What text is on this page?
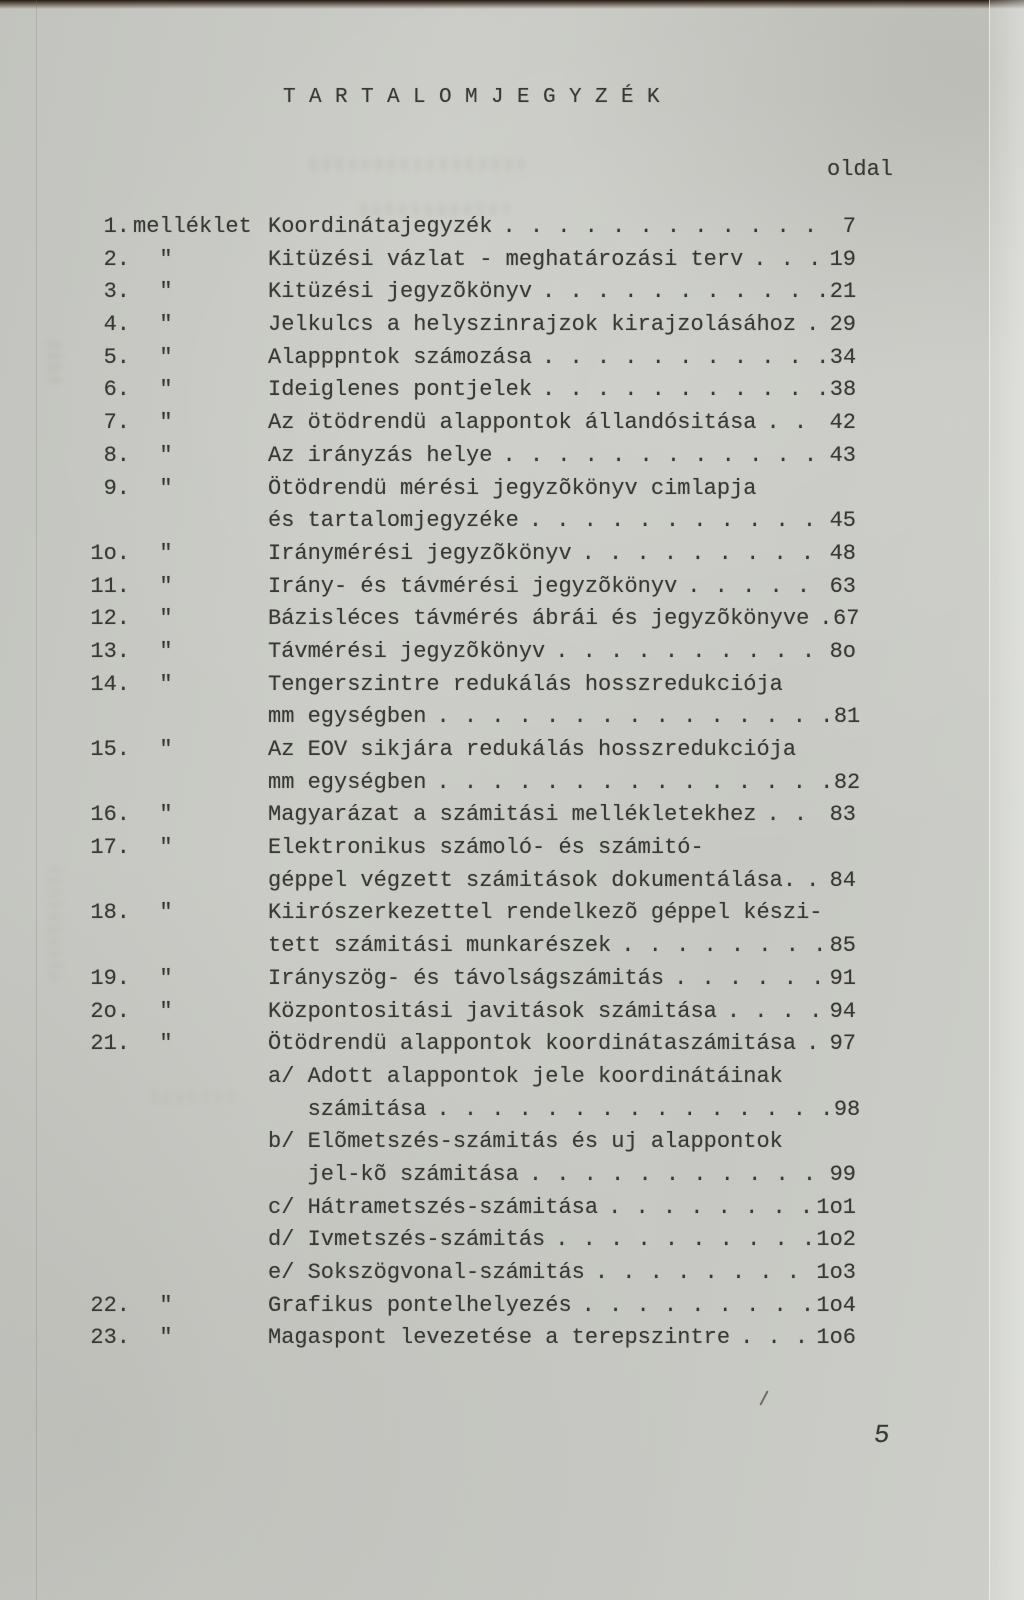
T A R T A L O M J E G Y Z É K
oldal
1. melléklet Koordinátajegyzék . . . . . . . . . . . .	7
2. "	Kitüzési vázlat - meghatározási terv . . . 19
3. "	Kitüzési jegyzõkönyv . . . . . . . . . . . 21
4. "	Jelkulcs a helyszinrajzok kirajzolásához . 29
5. "	Alapppntok számozása . . . . . . . . . . . 34
6. "	Ideiglenes pontjelek . . . . . . . . . . . 38
7. "	Az ötödrendü alappontok állandósitása . . 42
8. "	Az irányzás helye . . . . . . . . . . . . 43
9. "	Ötödrendü mérési jegyzõkönyv cimlapja
és tartalomjegyzéke . . . . . . . . . . . 45
1o. "	Iránymérési jegyzõkönyv . . . . . . . . . 48
11. "	Irány- és távmérési jegyzõkönyv . . . . . 63
12. "	Bázisléces távmérés ábrái és jegyzõkönyve . 67
13. "	Távmérési jegyzõkönyv . . . . . . . . . . 8o
14. "	Tengerszintre redukálás hosszredukciója
mm egységben . . . . . . . . . . . . . . . 81
15. "	Az EOV sikjára redukálás hosszredukciója
mm egységben . . . . . . . . . . . . . . . 82
16. "	Magyarázat a számitási mellékletekhez . . 83
17. "	Elektronikus számoló- és számitó-
géppel végzett számitások dokumentálása. . 84
18. "	Kiirószerkezettel rendelkezõ géppel készi-
tett számitási munkarészek . . . . . . . . 85
19. "	Irányszög- és távolságszámitás . . . . . . 91
2o. "	Központositási javitások számitása . . . . 94
21. "	Ötödrendü alappontok koordinátaszámitása . 97
a/ Adott alappontok jele koordinátáinak
számitása . . . . . . . . . . . . . . . 98
b/ Elõmetszés-számitás és uj alappontok
jel-kõ számitása . . . . . . . . . . . 99
c/ Hátrametszés-számitása . . . . . . . . 1o1
d/ Ivmetszés-számitás . . . . . . . . . . 1o2
e/ Sokszögvonal-számitás . . . . . . . . 1o3
22. "	Grafikus pontelhelyezés . . . . . . . . . 1o4
23. "	Magaspont levezetése a terepszintre . . . 1o6
5
